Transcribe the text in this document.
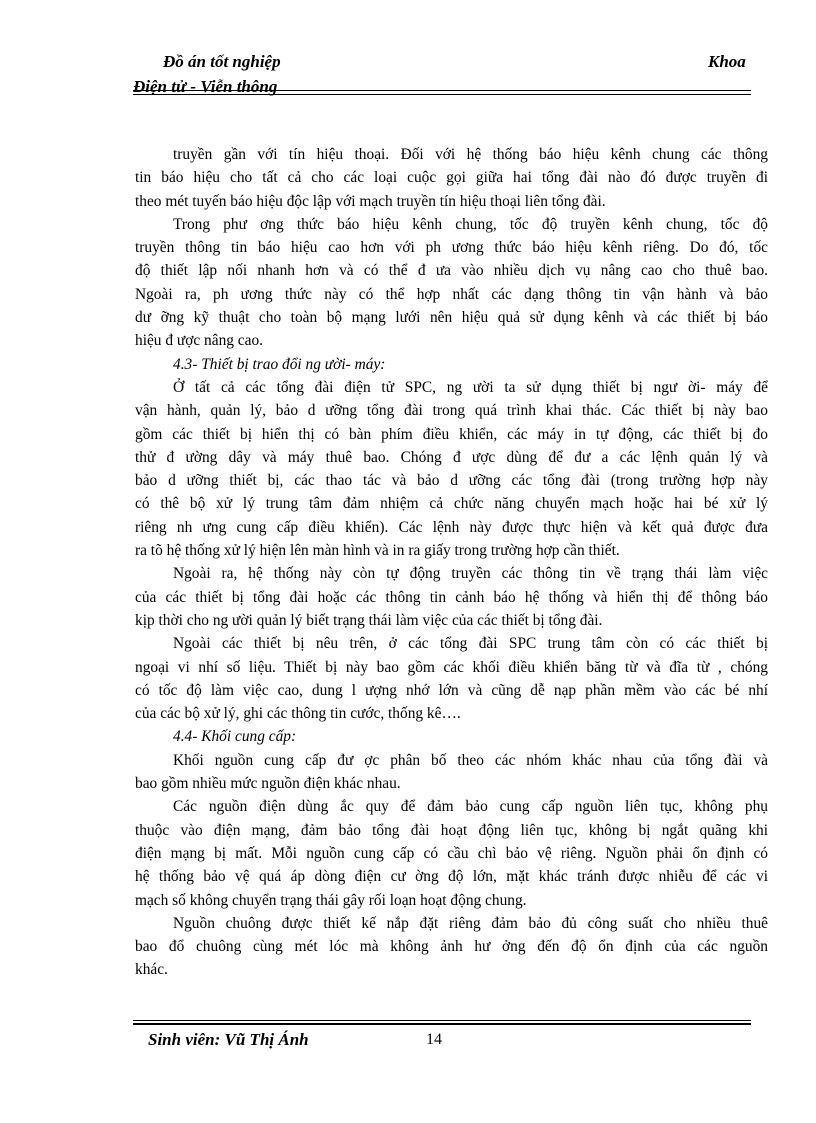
Đồ án tốt nghiệp	Khoa
Điện tử - Viễn thông
truyền gần với tín hiệu thoại. Đối với hệ thống báo hiệu kênh chung các thông
tin báo hiệu cho tất cả cho các loại cuộc gọi giữa hai tổng đài nào đó được truyền đi
theo mét tuyến báo hiệu độc lập với mạch truyền tín hiệu thoại liên tổng đài.
Trong phư ơng thức báo hiệu kênh chung, tốc độ truyền kênh chung, tốc độ
truyền thông tin báo hiệu cao hơn với ph ương thức báo hiệu kênh riêng. Do đó, tốc
độ thiết lập nối nhanh hơn và có thể đ ưa vào nhiều dịch vụ nâng cao cho thuê bao.
Ngoài ra, ph ương thức này có thể hợp nhất các dạng thông tin vận hành và bảo
dư ỡng kỹ thuật cho toàn bộ mạng lưới nên hiệu quả sử dụng kênh và các thiết bị báo
hiệu đ ược nâng cao.
4.3- Thiết bị trao đổi ng ười- máy:
Ở tất cả các tổng đài điện tử SPC, ng ười ta sử dụng thiết bị ngư ời- máy để
vận hành, quản lý, bảo d ưỡng tổng đài trong quá trình khai thác. Các thiết bị này bao
gồm các thiết bị hiển thị có bàn phím điều khiển, các máy in tự động, các thiết bị đo
thử đ ường dây và máy thuê bao. Chóng đ ược dùng để đư a các lệnh quản lý và
bảo d ưỡng thiết bị, các thao tác và bảo d ưỡng các tổng đài (trong trường hợp này
có thê bộ xử lý trung tâm đảm nhiệm cả chức năng chuyển mạch hoặc hai bé xử lý
riêng nh ưng cung cấp điều khiển). Các lệnh này được thực hiện và kết quả được đưa
ra tõ hệ thống xử lý hiện lên màn hình và in ra giấy trong trường hợp cần thiết.
Ngoài ra, hệ thống này còn tự động truyền các thông tin về trạng thái làm việc
của các thiết bị tổng đài hoặc các thông tin cảnh báo hệ thống và hiển thị để thông báo
kịp thời cho ng ười quản lý biết trạng thái làm việc của các thiết bị tổng đài.
Ngoài các thiết bị nêu trên, ở các tổng đài SPC trung tâm còn có các thiết bị
ngoại vi nhí số liệu. Thiết bị này bao gồm các khối điều khiển băng từ và đĩa từ , chóng
có tốc độ làm việc cao, dung l ượng nhớ lớn và cũng dễ nạp phần mềm vào các bé nhí
của các bộ xử lý, ghi các thông tin cước, thống kê….
4.4- Khối cung cấp:
Khối nguồn cung cấp đư ợc phân bố theo các nhóm khác nhau của tổng đài và
bao gồm nhiều mức nguồn điện khác nhau.
Các nguồn điện dùng ắc quy để đảm bảo cung cấp nguồn liên tục, không phụ
thuộc vào điện mạng, đảm bảo tổng đài hoạt động liên tục, không bị ngắt quãng khi
điện mạng bị mất. Mỗi nguồn cung cấp có cầu chì bảo vệ riêng. Nguồn phải ổn định có
hệ thống bảo vệ quá áp dòng điện cư ờng độ lớn, mặt khác tránh được nhiễu để các vi
mạch số không chuyển trạng thái gây rối loạn hoạt động chung.
Nguồn chuông được thiết kế nắp đặt riêng đảm bảo đủ công suất cho nhiều thuê
bao đổ chuông cùng mét lóc mà không ảnh hư ởng đến độ ổn định của các nguồn
khác.
Sinh viên: Vũ Thị Ánh	14
